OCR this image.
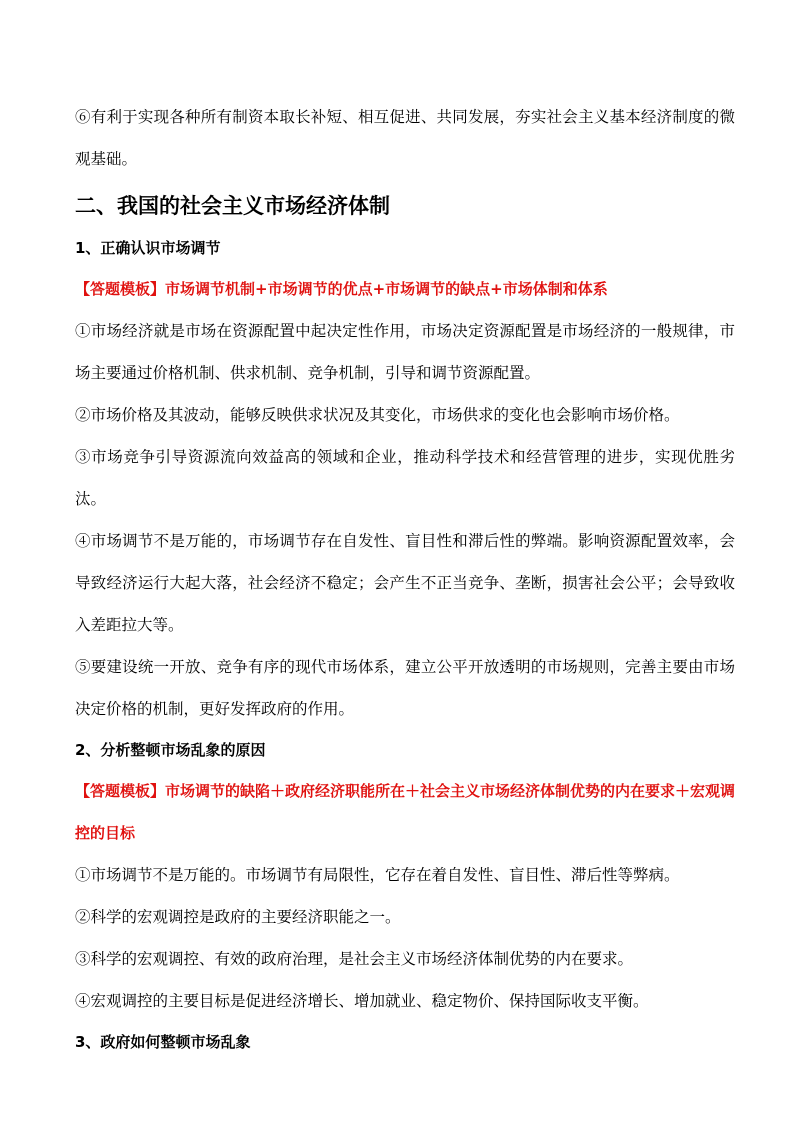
⑥有利于实现各种所有制资本取长补短、相互促进、共同发展，夯实社会主义基本经济制度的微观基础。

二、我国的社会主义市场经济体制

1、正确认识市场调节

【答题模板】市场调节机制+市场调节的优点+市场调节的缺点+市场体制和体系

①市场经济就是市场在资源配置中起决定性作用，市场决定资源配置是市场经济的一般规律，市场主要通过价格机制、供求机制、竞争机制，引导和调节资源配置。

②市场价格及其波动，能够反映供求状况及其变化，市场供求的变化也会影响市场价格。

③市场竞争引导资源流向效益高的领域和企业，推动科学技术和经营管理的进步，实现优胜劣汰。

④市场调节不是万能的，市场调节存在自发性、盲目性和滞后性的弊端。影响资源配置效率，会导致经济运行大起大落，社会经济不稳定；会产生不正当竞争、垄断，损害社会公平；会导致收入差距拉大等。

⑤要建设统一开放、竞争有序的现代市场体系，建立公平开放透明的市场规则，完善主要由市场决定价格的机制，更好发挥政府的作用。

2、分析整顿市场乱象的原因

【答题模板】市场调节的缺陷＋政府经济职能所在＋社会主义市场经济体制优势的内在要求＋宏观调控的目标

①市场调节不是万能的。市场调节有局限性，它存在着自发性、盲目性、滞后性等弊病。

②科学的宏观调控是政府的主要经济职能之一。

③科学的宏观调控、有效的政府治理，是社会主义市场经济体制优势的内在要求。

④宏观调控的主要目标是促进经济增长、增加就业、稳定物价、保持国际收支平衡。

3、政府如何整顿市场乱象
